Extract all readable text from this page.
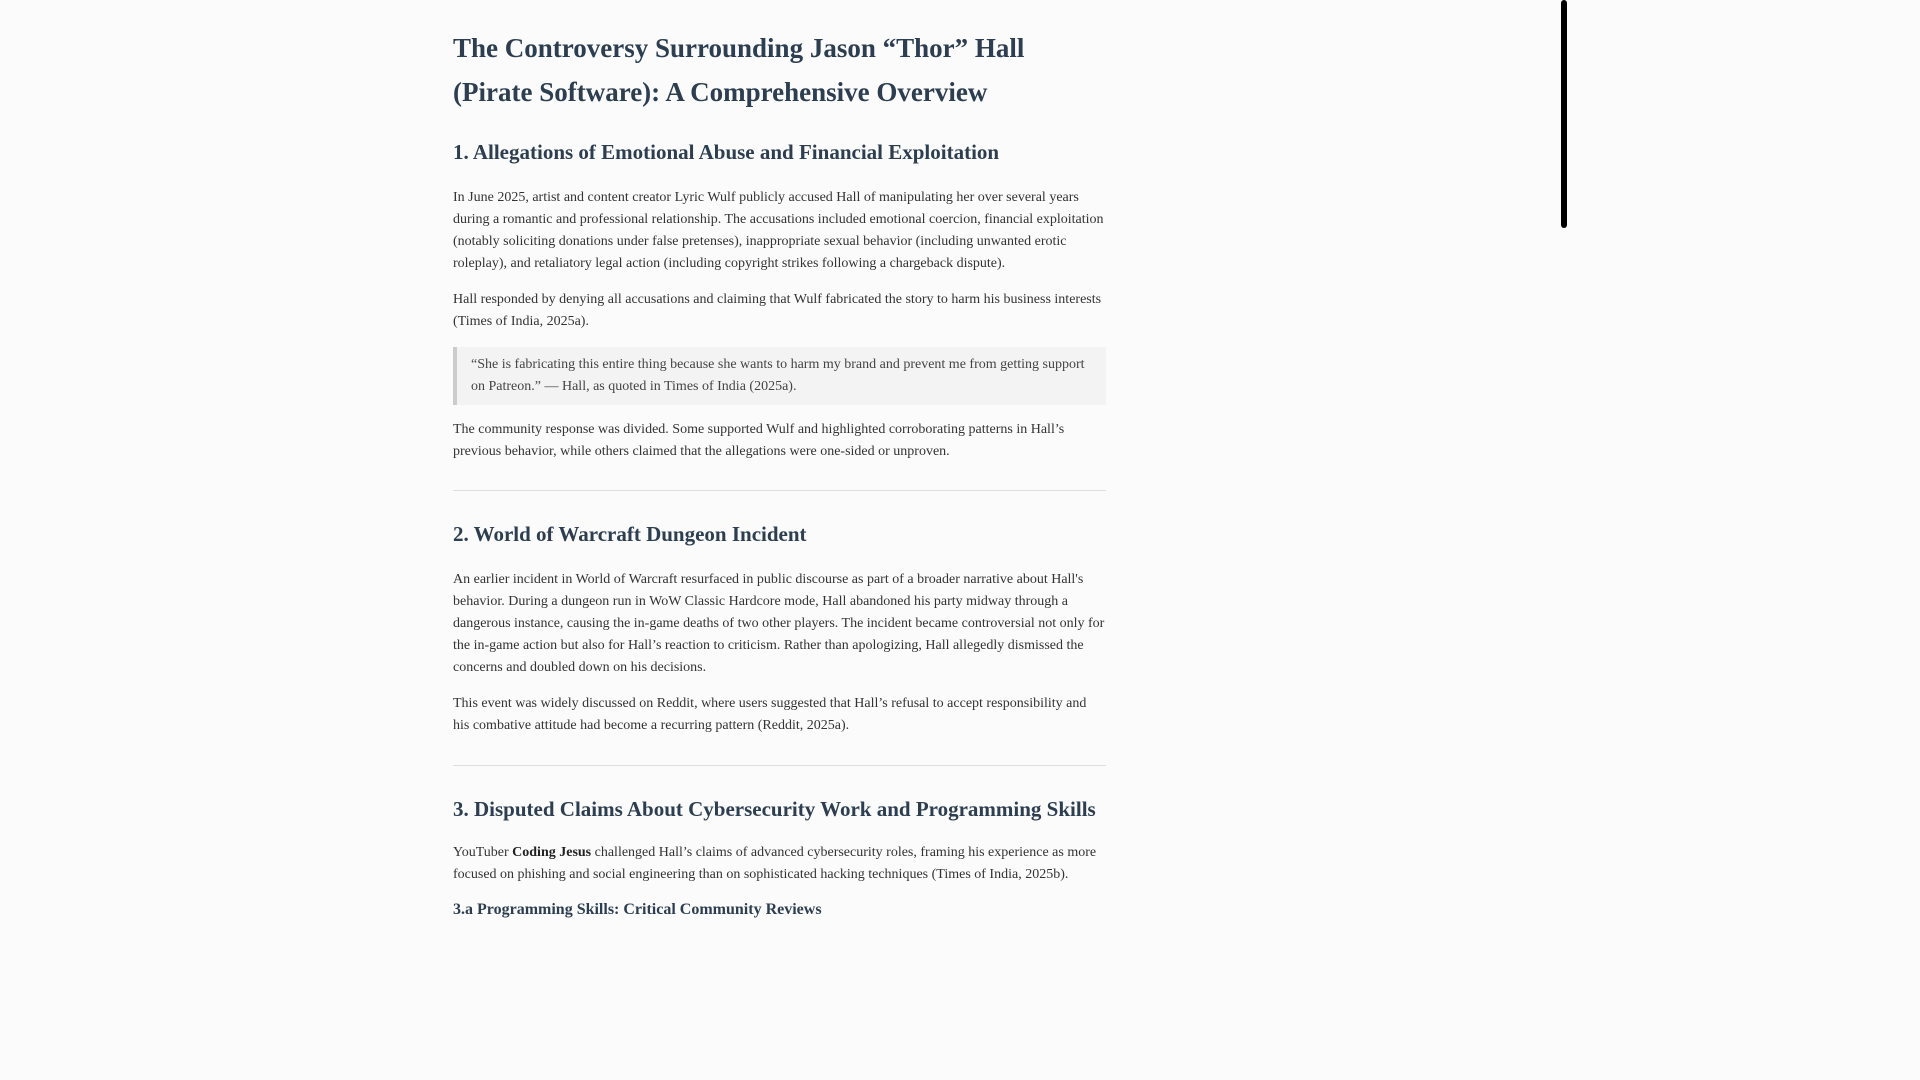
The Controversy Surrounding Jason “Thor” Hall (Pirate Software): A Comprehensive Overview
1. Allegations of Emotional Abuse and Financial Exploitation

In June 2025, artist and content creator Lyric Wulf publicly accused Hall of manipulating her over several years during a romantic and professional relationship. The accusations included emotional coercion, financial exploitation (notably soliciting donations under false pretenses), inappropriate sexual behavior (including unwanted erotic roleplay), and retaliatory legal action (including copyright strikes following a chargeback dispute).

Hall responded by denying all accusations and claiming that Wulf fabricated the story to harm his business interests (Times of India, 2025a).

“She is fabricating this entire thing because she wants to harm my brand and prevent me from getting support on Patreon.” — Hall, as quoted in Times of India (2025a).

The community response was divided. Some supported Wulf and highlighted corroborating patterns in Hall’s previous behavior, while others claimed that the allegations were one-sided or unproven.

2. World of Warcraft Dungeon Incident

An earlier incident in World of Warcraft resurfaced in public discourse as part of a broader narrative about Hall's behavior. During a dungeon run in WoW Classic Hardcore mode, Hall abandoned his party midway through a dangerous instance, causing the in-game deaths of two other players. The incident became controversial not only for the in-game action but also for Hall’s reaction to criticism. Rather than apologizing, Hall allegedly dismissed the concerns and doubled down on his decisions.

This event was widely discussed on Reddit, where users suggested that Hall’s refusal to accept responsibility and his combative attitude had become a recurring pattern (Reddit, 2025a).

3. Disputed Claims About Cybersecurity Work and Programming Skills

YouTuber Coding Jesus challenged Hall’s claims of advanced cybersecurity roles, framing his experience as more focused on phishing and social engineering than on sophisticated hacking techniques (Times of India, 2025b).

3.a Programming Skills: Critical Community Reviews
